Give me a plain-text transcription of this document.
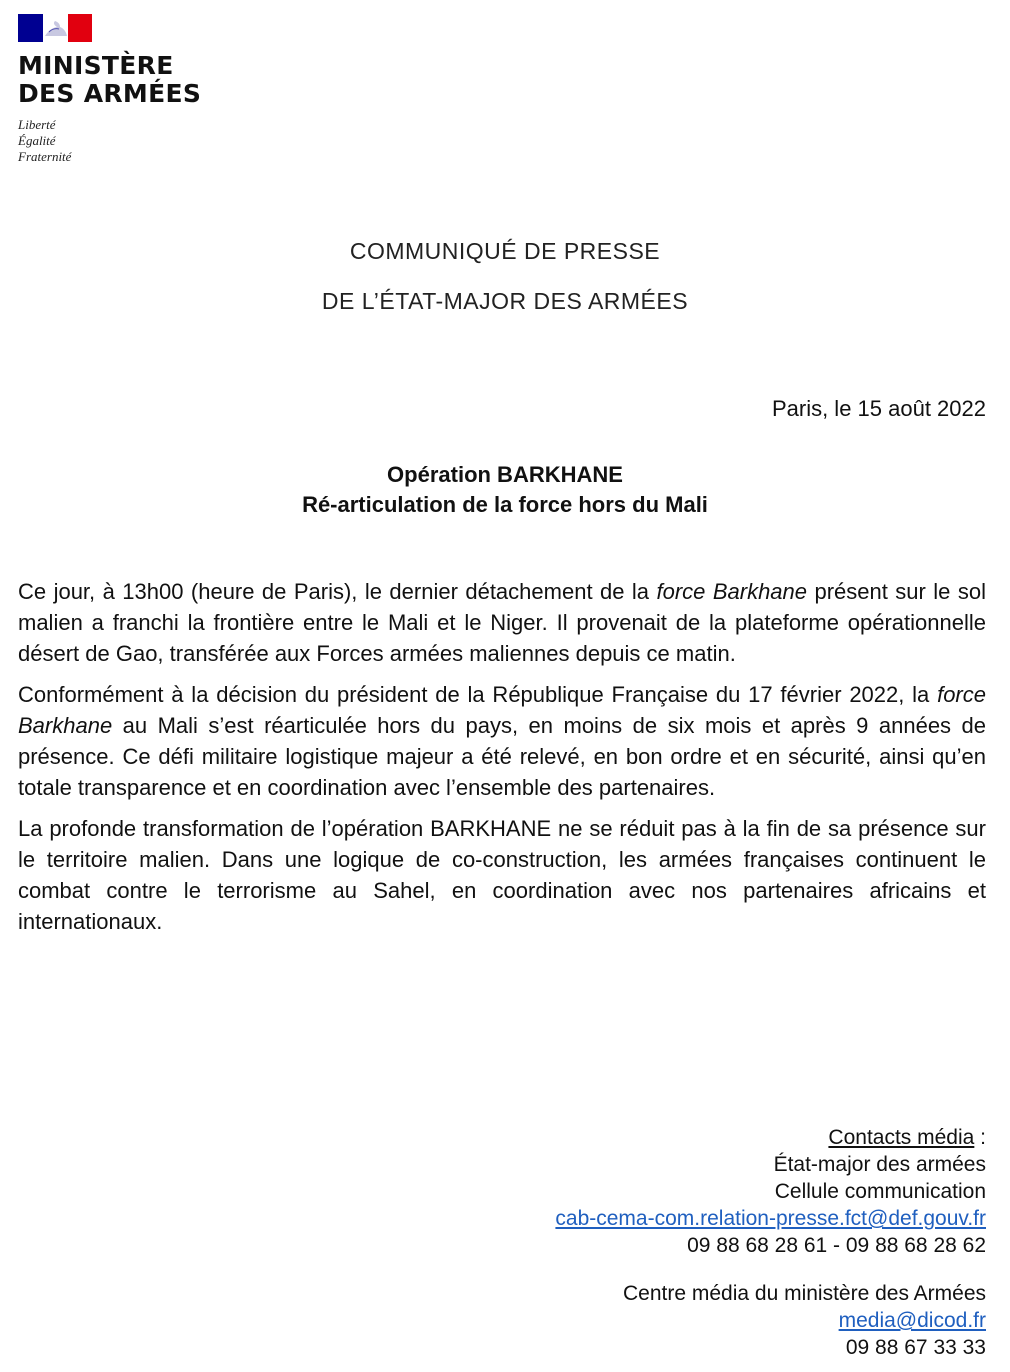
MINISTÈRE
DES ARMÉES
Liberté
Égalité
Fraternité
COMMUNIQUÉ DE PRESSE
DE L’ÉTAT-MAJOR DES ARMÉES
Paris, le 15 août 2022
Opération BARKHANE
Ré-articulation de la force hors du Mali

Ce jour, à 13h00 (heure de Paris), le dernier détachement de la force Barkhane présent sur le sol malien a franchi la frontière entre le Mali et le Niger. Il provenait de la plateforme opérationnelle désert de Gao, transférée aux Forces armées maliennes depuis ce matin.

Conformément à la décision du président de la République Française du 17 février 2022, la force Barkhane au Mali s’est réarticulée hors du pays, en moins de six mois et après 9 années de présence. Ce défi militaire logistique majeur a été relevé, en bon ordre et en sécurité, ainsi qu’en totale transparence et en coordination avec l’ensemble des partenaires.

La profonde transformation de l’opération BARKHANE ne se réduit pas à la fin de sa présence sur le territoire malien. Dans une logique de co-construction, les armées françaises continuent le combat contre le terrorisme au Sahel, en coordination avec nos partenaires africains et internationaux.

Contacts média :
État-major des armées
Cellule communication
cab-cema-com.relation-presse.fct@def.gouv.fr
09 88 68 28 61 - 09 88 68 28 62
Centre média du ministère des Armées
media@dicod.fr
09 88 67 33 33
